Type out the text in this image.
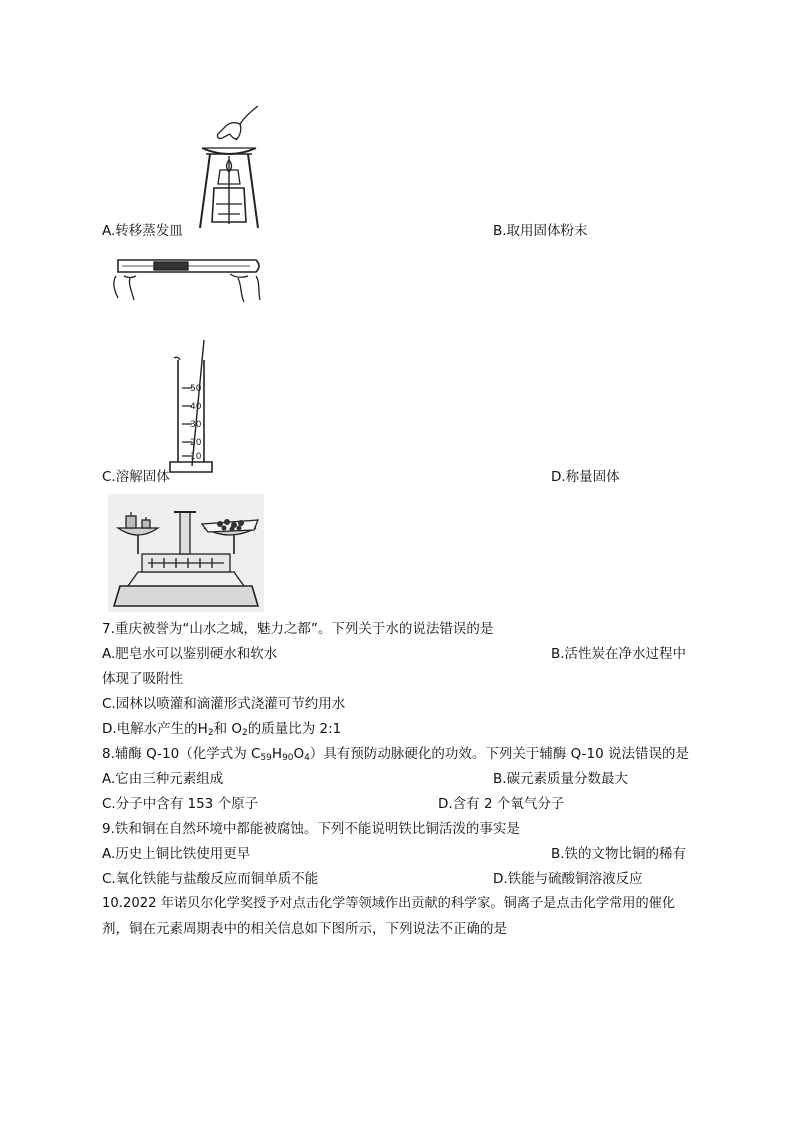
A.转移蒸发皿	B.取用固体粉末
50
40
30
20
10
C.溶解固体	D.称量固体
7.重庆被誉为“山水之城，魅力之都”。下列关于水的说法错误的是
A.肥皂水可以鉴别硬水和软水	B.活性炭在净水过程中
体现了吸附性
C.园林以喷灌和滴灌形式浇灌可节约用水
D.电解水产生的$H_2$和 $O_2$的质量比为 2:1
8.辅酶 Q-10（化学式为 $C_{59}H_{90}O_4$）具有预防动脉硬化的功效。下列关于辅酶 Q-10 说法错误的是
A.它由三种元素组成	B.碳元素质量分数最大
C.分子中含有 153 个原子	D.含有 2 个氧气分子
9.铁和铜在自然环境中都能被腐蚀。下列不能说明铁比铜活泼的事实是
A.历史上铜比铁使用更早	B.铁的文物比铜的稀有
C.氧化铁能与盐酸反应而铜单质不能	D.铁能与硫酸铜溶液反应
10.2022 年诺贝尔化学奖授予对点击化学等领域作出贡献的科学家。铜离子是点击化学常用的催化
剂，铜在元素周期表中的相关信息如下图所示，下列说法不正确的是
